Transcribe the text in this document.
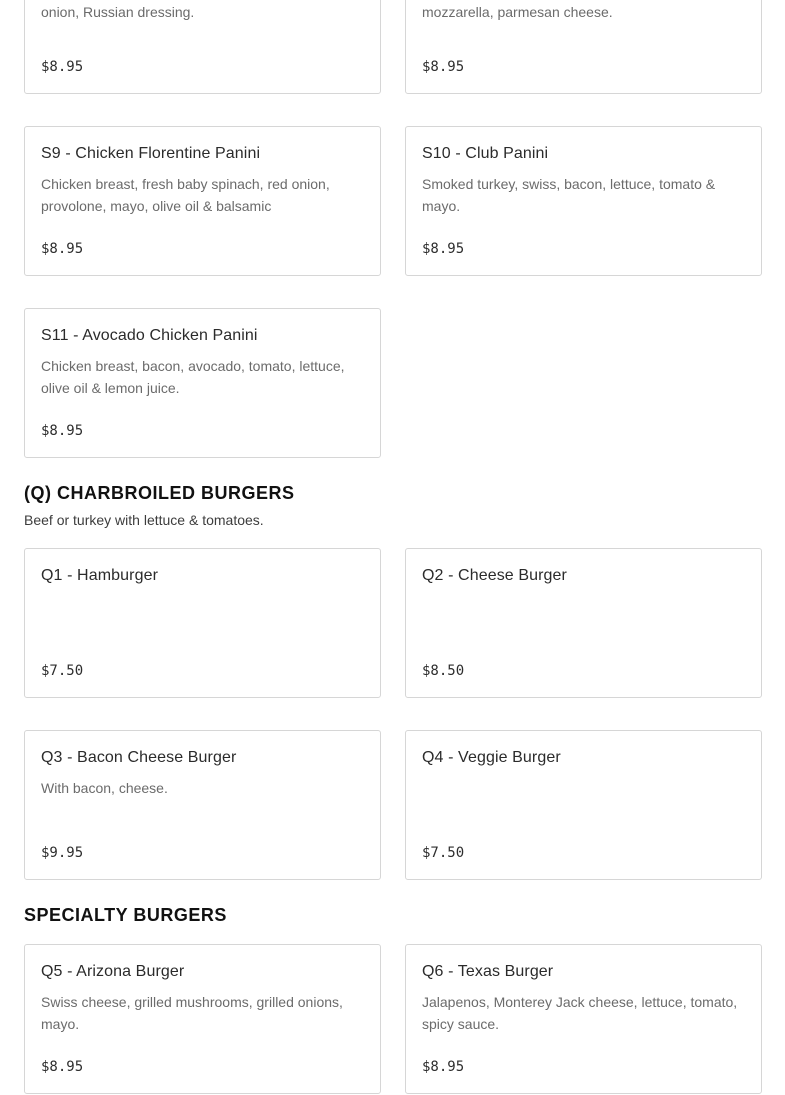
onion, Russian dressing.
$8.95
mozzarella, parmesan cheese.
$8.95
S9 - Chicken Florentine Panini
Chicken breast, fresh baby spinach, red onion, provolone, mayo, olive oil & balsamic
$8.95
S10 - Club Panini
Smoked turkey, swiss, bacon, lettuce, tomato & mayo.
$8.95
S11 - Avocado Chicken Panini
Chicken breast, bacon, avocado, tomato, lettuce, olive oil & lemon juice.
$8.95
(Q) CHARBROILED BURGERS
Beef or turkey with lettuce & tomatoes.
Q1 - Hamburger
$7.50
Q2 - Cheese Burger
$8.50
Q3 - Bacon Cheese Burger
With bacon, cheese.
$9.95
Q4 - Veggie Burger
$7.50
SPECIALTY BURGERS
Q5 - Arizona Burger
Swiss cheese, grilled mushrooms, grilled onions, mayo.
$8.95
Q6 - Texas Burger
Jalapenos, Monterey Jack cheese, lettuce, tomato, spicy sauce.
$8.95
